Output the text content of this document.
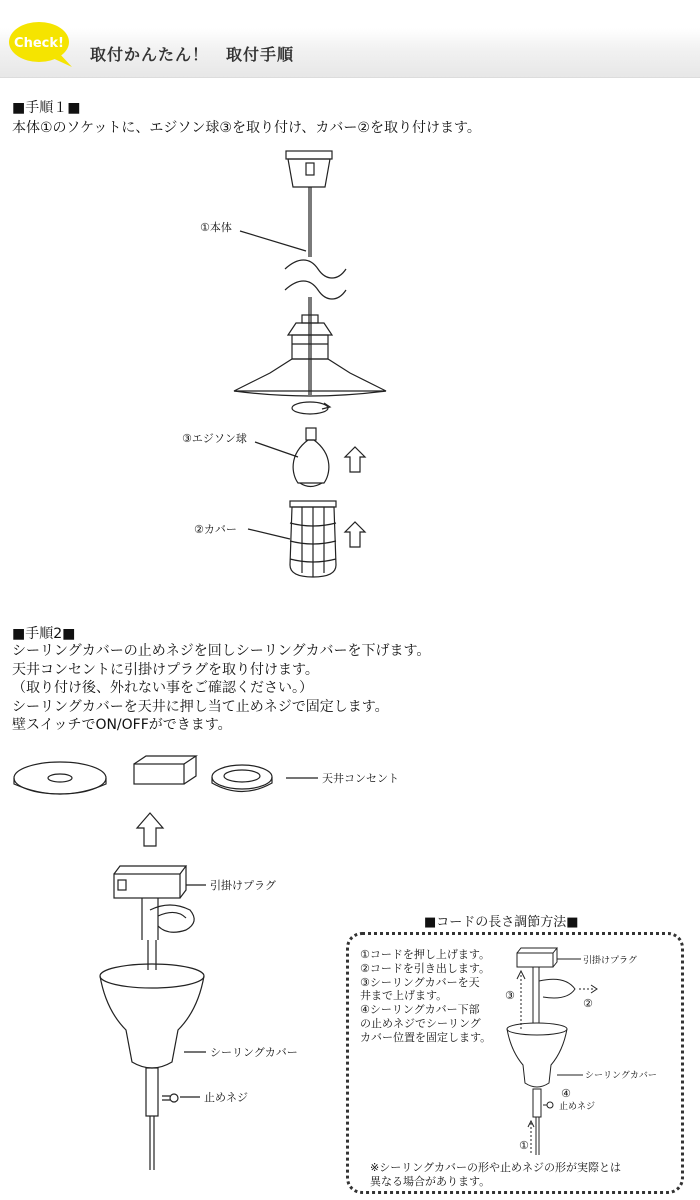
Check!
取付かんたん！　取付手順
■手順１■
本体①のソケットに、エジソン球③を取り付け、カバー②を取り付けます。
①本体
③エジソン球
②カバー
■手順2■
シーリングカバーの止めネジを回しシーリングカバーを下げます。
天井コンセントに引掛けプラグを取り付けます。
（取り付け後、外れない事をご確認ください。）
シーリングカバーを天井に押し当て止めネジで固定します。
壁スイッチでON/OFFができます。
天井コンセント
引掛けプラグ
シーリングカバー
止めネジ
■コードの長さ調節方法■
①コードを押し上げます。
②コードを引き出します。
③シーリングカバーを天
井まで上げます。
④シーリングカバー下部
の止めネジでシーリング
カバー位置を固定します。
引掛けプラグ
シーリングカバー
止めネジ
③
②
④
①
※シーリングカバーの形や止めネジの形が実際とは
異なる場合があります。
